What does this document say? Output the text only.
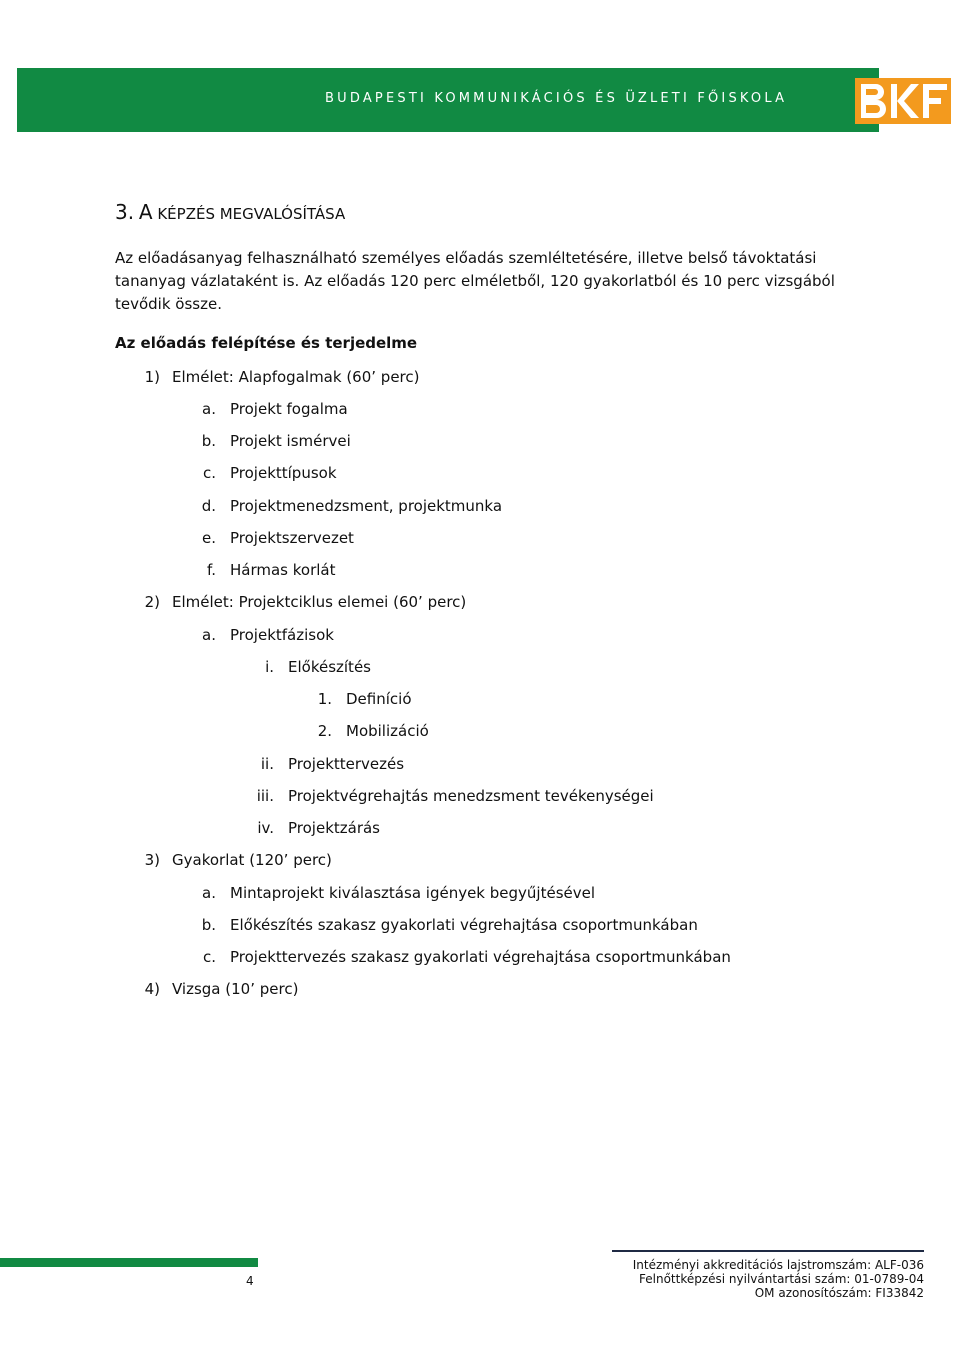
BUDAPESTI KOMMUNIKÁCIÓS ÉS ÜZLETI FŐISKOLA
3. A KÉPZÉS MEGVALÓSÍTÁSA
Az előadásanyag felhasználható személyes előadás szemléltetésére, illetve belső távoktatási tananyag vázlataként is. Az előadás 120 perc elméletből, 120 gyakorlatból és 10 perc vizsgából tevődik össze.
Az előadás felépítése és terjedelme
1) Elmélet: Alapfogalmak (60’ perc)
a. Projekt fogalma
b. Projekt ismérvei
c. Projekttípusok
d. Projektmenedzsment, projektmunka
e. Projektszervezet
f. Hármas korlát
2) Elmélet: Projektciklus elemei (60’ perc)
a. Projektfázisok
i. Előkészítés
1. Definíció
2. Mobilizáció
ii. Projekttervezés
iii. Projektvégrehajtás menedzsment tevékenységei
iv. Projektzárás
3) Gyakorlat (120’ perc)
a. Mintaprojekt kiválasztása igények begyűjtésével
b. Előkészítés szakasz gyakorlati végrehajtása csoportmunkában
c. Projekttervezés szakasz gyakorlati végrehajtása csoportmunkában
4) Vizsga (10’ perc)
4
Intézményi akkreditációs lajstromszám: ALF-036
Felnőttképzési nyilvántartási szám: 01-0789-04
OM azonosítószám: FI33842
